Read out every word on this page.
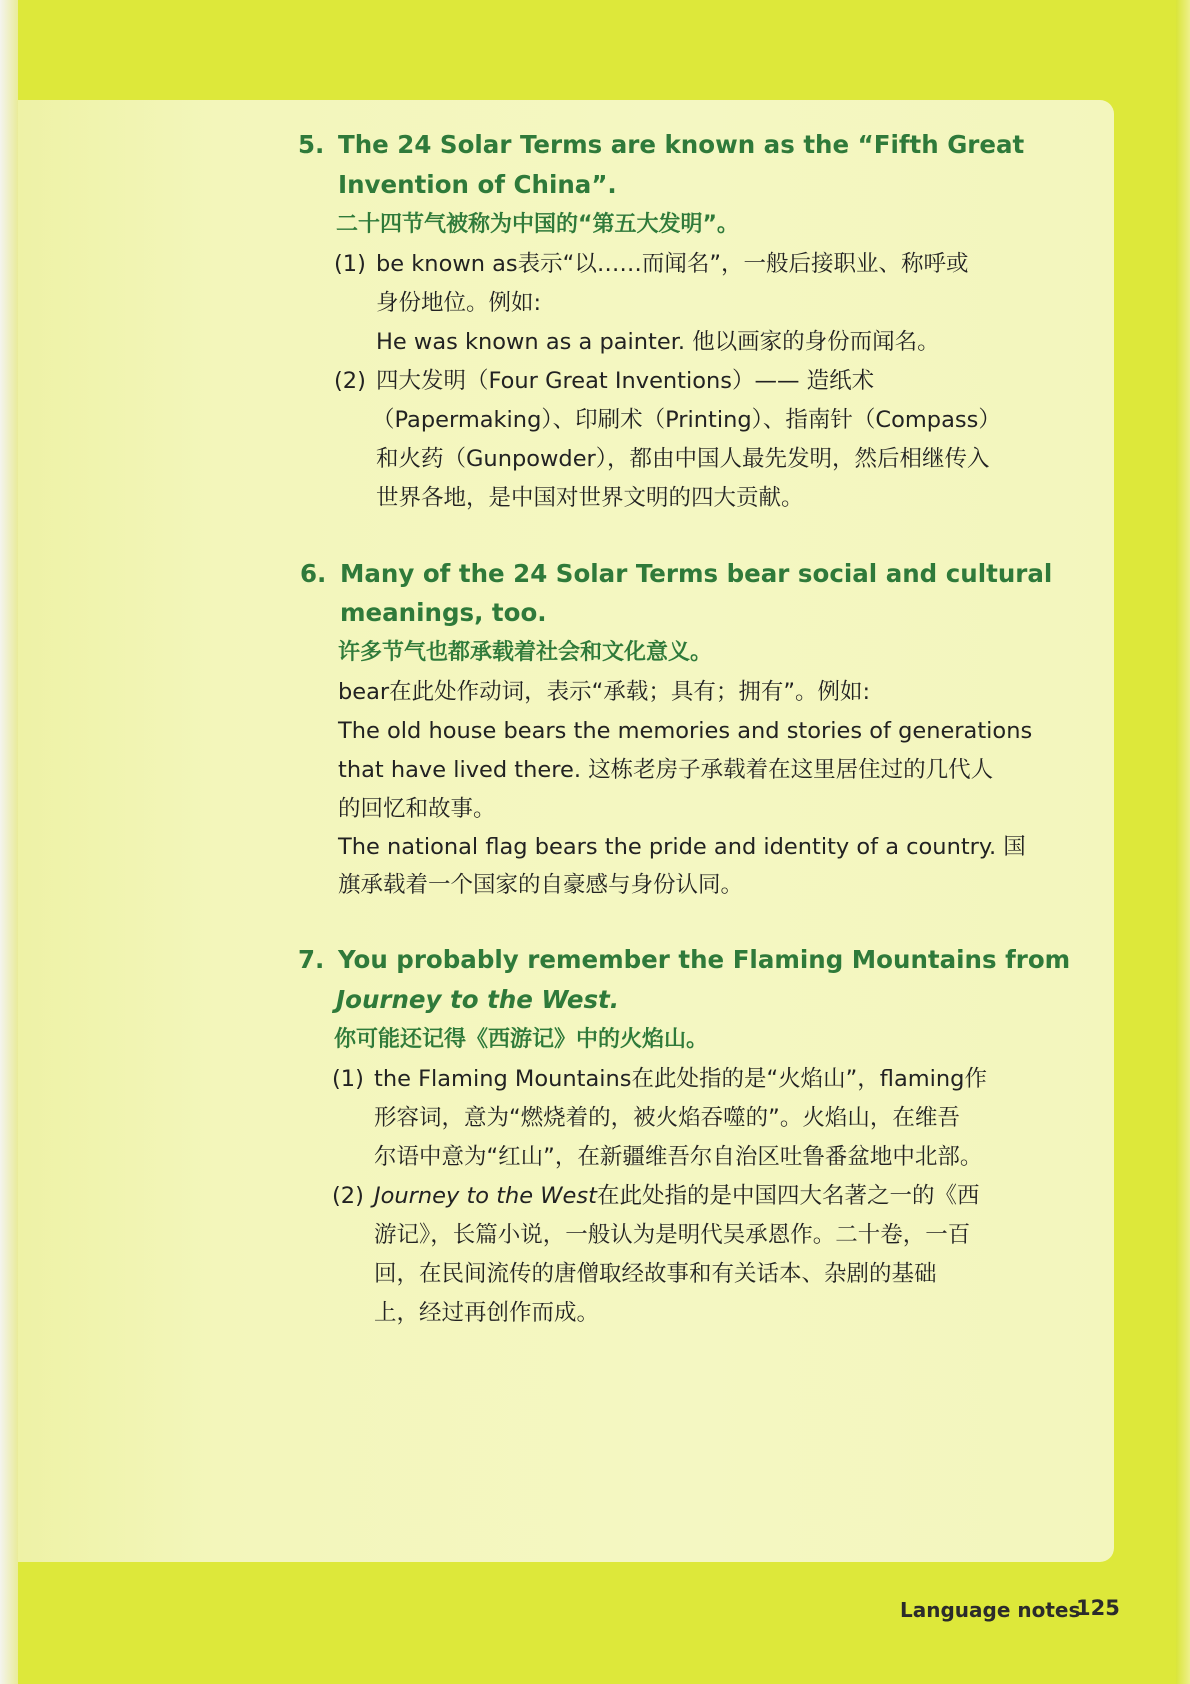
5. The 24 Solar Terms are known as the “Fifth Great
Invention of China”.
二十四节气被称为中国的“第五大发明”。
(1) be known as表示“以……而闻名”，一般后接职业、称呼或
身份地位。例如:
He was known as a painter. 他以画家的身份而闻名。
(2) 四大发明（Four Great Inventions）—— 造纸术
（Papermaking）、印刷术（Printing）、指南针（Compass）
和火药（Gunpowder），都由中国人最先发明，然后相继传入
世界各地，是中国对世界文明的四大贡献。
6. Many of the 24 Solar Terms bear social and cultural
meanings, too.
许多节气也都承载着社会和文化意义。
bear在此处作动词，表示“承载；具有；拥有”。例如:
The old house bears the memories and stories of generations
that have lived there. 这栋老房子承载着在这里居住过的几代人
的回忆和故事。
The national flag bears the pride and identity of a country. 国
旗承载着一个国家的自豪感与身份认同。
7. You probably remember the Flaming Mountains from
Journey to the West.
你可能还记得《西游记》中的火焰山。
(1) the Flaming Mountains在此处指的是“火焰山”，flaming作
形容词，意为“燃烧着的，被火焰吞噬的”。火焰山，在维吾
尔语中意为“红山”，在新疆维吾尔自治区吐鲁番盆地中北部。
(2) Journey to the West在此处指的是中国四大名著之一的《西
游记》，长篇小说，一般认为是明代吴承恩作。二十卷，一百
回，在民间流传的唐僧取经故事和有关话本、杂剧的基础
上，经过再创作而成。
Language notes
125
